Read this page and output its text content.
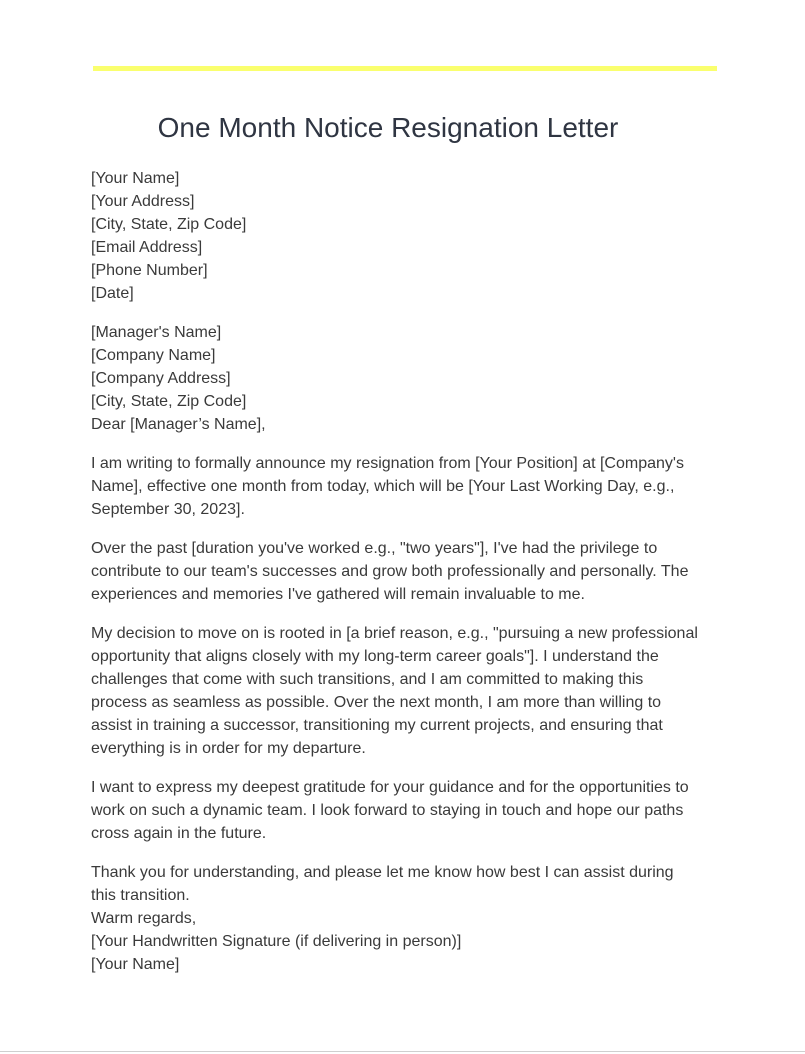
One Month Notice Resignation Letter
[Your Name]
[Your Address]
[City, State, Zip Code]
[Email Address]
[Phone Number]
[Date]
[Manager's Name]
[Company Name]
[Company Address]
[City, State, Zip Code]
Dear [Manager’s Name],

I am writing to formally announce my resignation from [Your Position] at [Company's Name], effective one month from today, which will be [Your Last Working Day, e.g., September 30, 2023].

Over the past [duration you've worked e.g., "two years"], I've had the privilege to contribute to our team's successes and grow both professionally and personally. The experiences and memories I've gathered will remain invaluable to me.

My decision to move on is rooted in [a brief reason, e.g., "pursuing a new professional opportunity that aligns closely with my long-term career goals"]. I understand the challenges that come with such transitions, and I am committed to making this process as seamless as possible. Over the next month, I am more than willing to assist in training a successor, transitioning my current projects, and ensuring that everything is in order for my departure.

I want to express my deepest gratitude for your guidance and for the opportunities to work on such a dynamic team. I look forward to staying in touch and hope our paths cross again in the future.

Thank you for understanding, and please let me know how best I can assist during this transition.

Warm regards,
[Your Handwritten Signature (if delivering in person)]
[Your Name]
